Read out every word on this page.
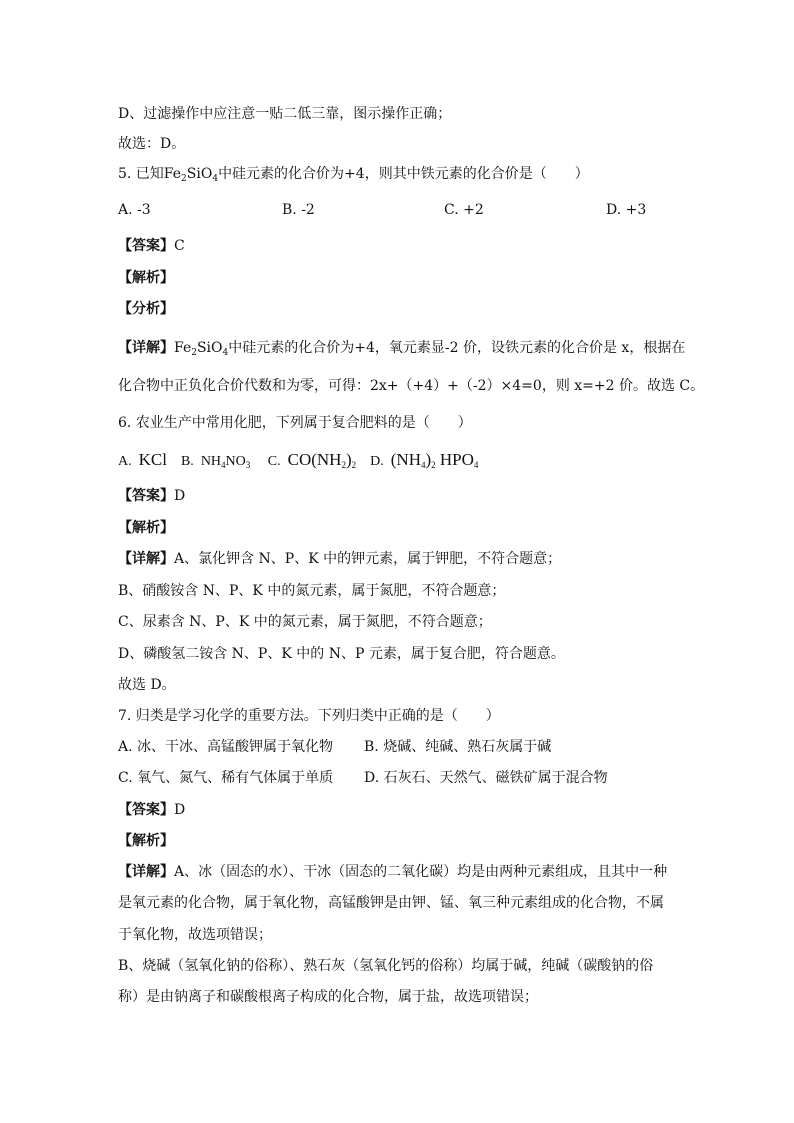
D、过滤操作中应注意一贴二低三靠，图示操作正确；
故选：D。
5. 已知$Fe_2SiO_4$中硅元素的化合价为+4，则其中铁元素的化合价是（　　）
A. -3	B. -2	C. +2	D. +3
【答案】C
【解析】
【分析】
【详解】$Fe_2SiO_4$中硅元素的化合价为+4，氧元素显-2 价，设铁元素的化合价是 x，根据在
化合物中正负化合价代数和为零，可得：2x+（+4）+（-2）×4=0，则 x=+2 价。故选 C。
6. 农业生产中常用化肥，下列属于复合肥料的是（　　）
A. KCl B. $NH_4NO_3$ C. $CO(NH_2)_2$ D. $(NH_4)_2$ $HPO_4$
【答案】D
【解析】
【详解】A、氯化钾含 N、P、K 中的钾元素，属于钾肥，不符合题意；
B、硝酸铵含 N、P、K 中的氮元素，属于氮肥，不符合题意；
C、尿素含 N、P、K 中的氮元素，属于氮肥，不符合题意；
D、磷酸氢二铵含 N、P、K 中的 N、P 元素，属于复合肥，符合题意。
故选 D。
7. 归类是学习化学的重要方法。下列归类中正确的是（　　）
A. 冰、干冰、高锰酸钾属于氧化物 B. 烧碱、纯碱、熟石灰属于碱
C. 氧气、氮气、稀有气体属于单质 D. 石灰石、天然气、磁铁矿属于混合物
【答案】D
【解析】
【详解】A、冰（固态的水）、干冰（固态的二氧化碳）均是由两种元素组成，且其中一种
是氧元素的化合物，属于氧化物，高锰酸钾是由钾、锰、氧三种元素组成的化合物，不属
于氧化物，故选项错误；
B、烧碱（氢氧化钠的俗称）、熟石灰（氢氧化钙的俗称）均属于碱，纯碱（碳酸钠的俗
称）是由钠离子和碳酸根离子构成的化合物，属于盐，故选项错误；
